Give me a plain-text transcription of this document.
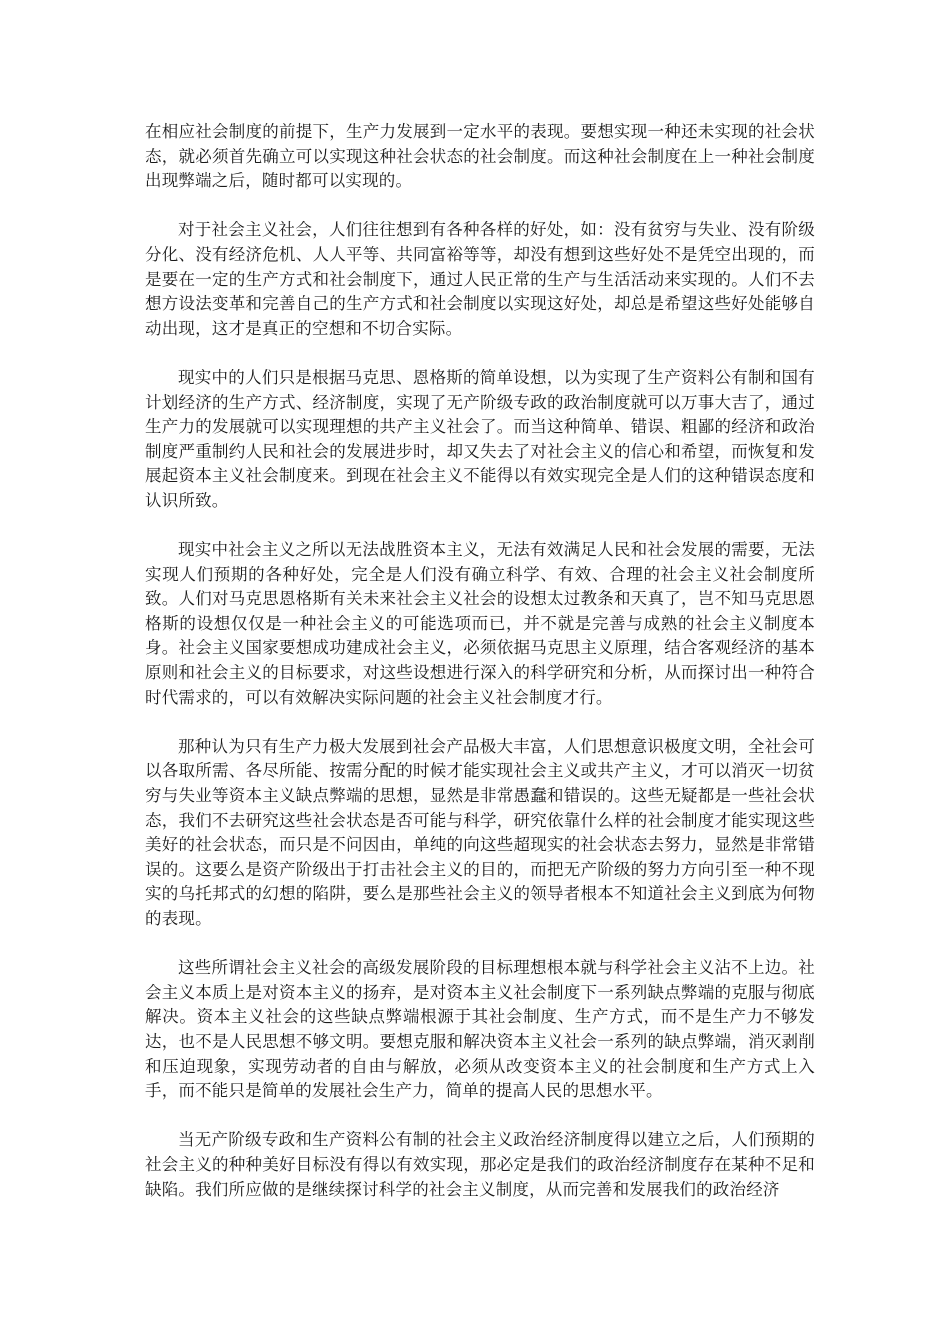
在相应社会制度的前提下，生产力发展到一定水平的表现。要想实现一种还未实现的社会状态，就必须首先确立可以实现这种社会状态的社会制度。而这种社会制度在上一种社会制度出现弊端之后，随时都可以实现的。

对于社会主义社会，人们往往想到有各种各样的好处，如：没有贫穷与失业、没有阶级分化、没有经济危机、人人平等、共同富裕等等，却没有想到这些好处不是凭空出现的，而是要在一定的生产方式和社会制度下，通过人民正常的生产与生活活动来实现的。人们不去想方设法变革和完善自己的生产方式和社会制度以实现这好处，却总是希望这些好处能够自动出现，这才是真正的空想和不切合实际。

现实中的人们只是根据马克思、恩格斯的简单设想，以为实现了生产资料公有制和国有计划经济的生产方式、经济制度，实现了无产阶级专政的政治制度就可以万事大吉了，通过生产力的发展就可以实现理想的共产主义社会了。而当这种简单、错误、粗鄙的经济和政治制度严重制约人民和社会的发展进步时，却又失去了对社会主义的信心和希望，而恢复和发展起资本主义社会制度来。到现在社会主义不能得以有效实现完全是人们的这种错误态度和认识所致。

现实中社会主义之所以无法战胜资本主义，无法有效满足人民和社会发展的需要，无法实现人们预期的各种好处，完全是人们没有确立科学、有效、合理的社会主义社会制度所致。人们对马克思恩格斯有关未来社会主义社会的设想太过教条和天真了，岂不知马克思恩格斯的设想仅仅是一种社会主义的可能选项而已，并不就是完善与成熟的社会主义制度本身。社会主义国家要想成功建成社会主义，必须依据马克思主义原理，结合客观经济的基本原则和社会主义的目标要求，对这些设想进行深入的科学研究和分析，从而探讨出一种符合时代需求的，可以有效解决实际问题的社会主义社会制度才行。

那种认为只有生产力极大发展到社会产品极大丰富，人们思想意识极度文明，全社会可以各取所需、各尽所能、按需分配的时候才能实现社会主义或共产主义，才可以消灭一切贫穷与失业等资本主义缺点弊端的思想，显然是非常愚蠢和错误的。这些无疑都是一些社会状态，我们不去研究这些社会状态是否可能与科学，研究依靠什么样的社会制度才能实现这些美好的社会状态，而只是不问因由，单纯的向这些超现实的社会状态去努力，显然是非常错误的。这要么是资产阶级出于打击社会主义的目的，而把无产阶级的努力方向引至一种不现实的乌托邦式的幻想的陷阱，要么是那些社会主义的领导者根本不知道社会主义到底为何物的表现。

这些所谓社会主义社会的高级发展阶段的目标理想根本就与科学社会主义沾不上边。社会主义本质上是对资本主义的扬弃，是对资本主义社会制度下一系列缺点弊端的克服与彻底解决。资本主义社会的这些缺点弊端根源于其社会制度、生产方式，而不是生产力不够发达，也不是人民思想不够文明。要想克服和解决资本主义社会一系列的缺点弊端，消灭剥削和压迫现象，实现劳动者的自由与解放，必须从改变资本主义的社会制度和生产方式上入手，而不能只是简单的发展社会生产力，简单的提高人民的思想水平。

当无产阶级专政和生产资料公有制的社会主义政治经济制度得以建立之后，人们预期的社会主义的种种美好目标没有得以有效实现，那必定是我们的政治经济制度存在某种不足和缺陷。我们所应做的是继续探讨科学的社会主义制度，从而完善和发展我们的政治经济
